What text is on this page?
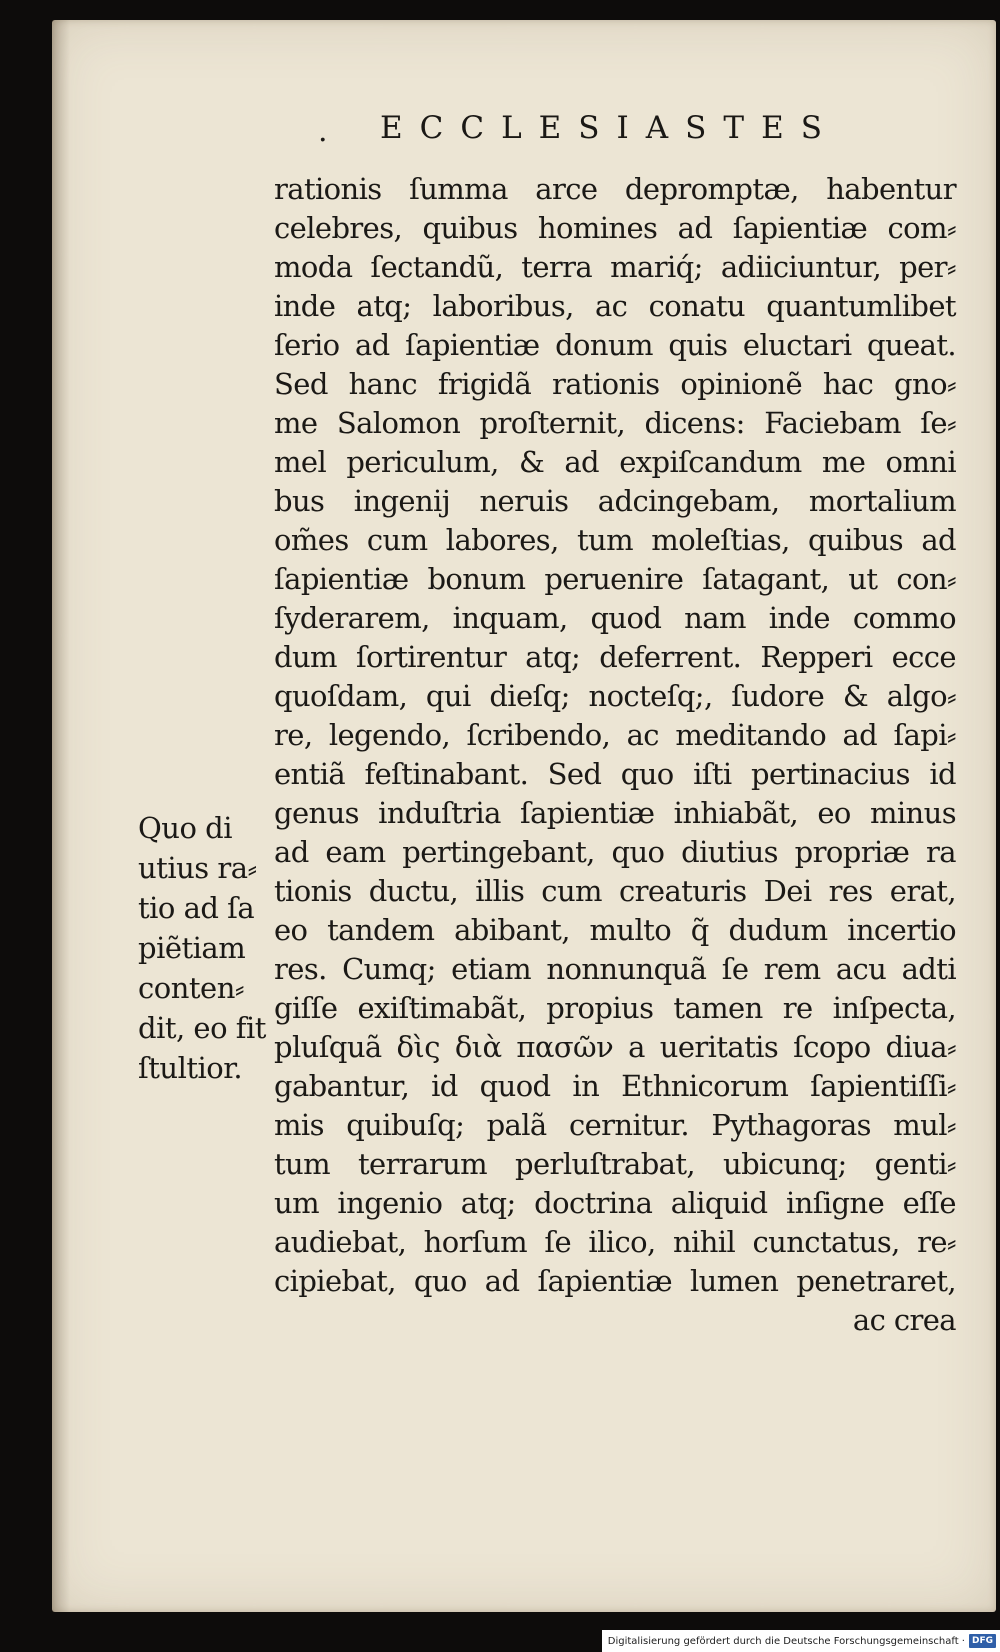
. ECCLESIASTES
rationis ſumma arce depromptæ, habentur
celebres, quibus homines ad ſapientiæ com⸗
moda ſectandũ, terra mariq́; adiiciuntur, per⸗
inde atq; laboribus, ac conatu quantumlibet
ſerio ad ſapientiæ donum quis eluctari queat.
Sed hanc frigidã rationis opinionẽ hac gno⸗
me Salomon proſternit, dicens: Faciebam ſe⸗
mel periculum, & ad expiſcandum me omni
bus ingenij neruis adcingebam, mortalium
om̃es cum labores, tum moleſtias, quibus ad
ſapientiæ bonum peruenire ſatagant, ut con⸗
ſyderarem, inquam, quod nam inde commo
dum ſortirentur atq; deferrent. Repperi ecce
quoſdam, qui dieſq; nocteſq;, ſudore & algo⸗
re, legendo, ſcribendo, ac meditando ad ſapi⸗
entiã feſtinabant. Sed quo iſti pertinacius id
genus induſtria ſapientiæ inhiabãt, eo minus
ad eam pertingebant, quo diutius propriæ ra
tionis ductu, illis cum creaturis Dei res erat,
eo tandem abibant, multo q̃ dudum incertio
res. Cumq; etiam nonnunquã ſe rem acu adti
giſſe exiſtimabãt, propius tamen re inſpecta,
pluſquã δὶς διὰ πασῶν a ueritatis ſcopo diua⸗
gabantur, id quod in Ethnicorum ſapientiſſi⸗
mis quibuſq; palã cernitur. Pythagoras mul⸗
tum terrarum perluſtrabat, ubicunq; genti⸗
um ingenio atq; doctrina aliquid inſigne eſſe
audiebat, horſum ſe ilico, nihil cunctatus, re⸗
cipiebat, quo ad ſapientiæ lumen penetraret,
ac crea
Quo di
utius ra⸗
tio ad ſa
piẽtiam
conten⸗
dit, eo fit
ſtultior.
Digitalisierung gefördert durch die Deutsche Forschungsgemeinschaft · DFG
